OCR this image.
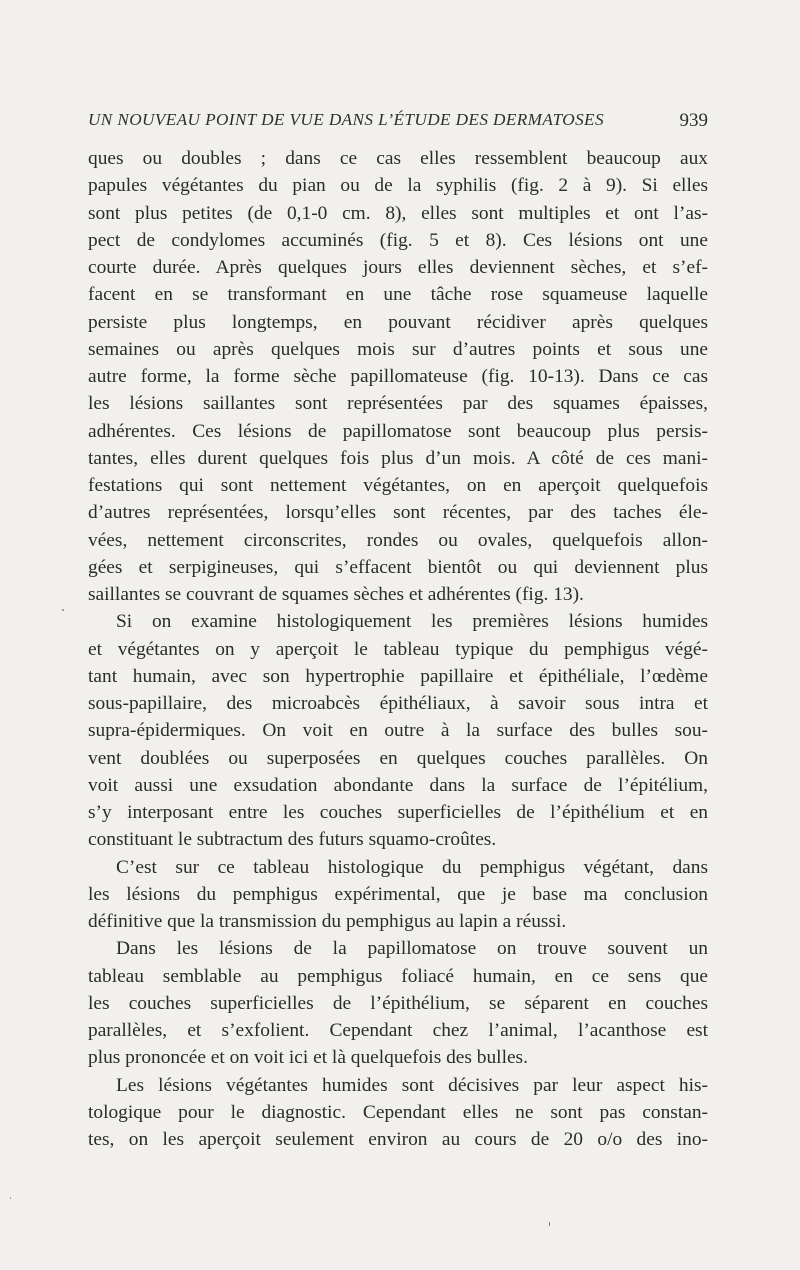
UN NOUVEAU POINT DE VUE DANS L’ÉTUDE DES DERMATOSES	939
ques ou doubles ; dans ce cas elles ressemblent beaucoup aux
papules végétantes du pian ou de la syphilis (fig. 2 à 9). Si elles
sont plus petites (de 0,1-0 cm. 8), elles sont multiples et ont l’as-
pect de condylomes accuminés (fig. 5 et 8). Ces lésions ont une
courte durée. Après quelques jours elles deviennent sèches, et s’ef-
facent en se transformant en une tâche rose squameuse laquelle
persiste plus longtemps, en pouvant récidiver après quelques
semaines ou après quelques mois sur d’autres points et sous une
autre forme, la forme sèche papillomateuse (fig. 10-13). Dans ce cas
les lésions saillantes sont représentées par des squames épaisses,
adhérentes. Ces lésions de papillomatose sont beaucoup plus persis-
tantes, elles durent quelques fois plus d’un mois. A côté de ces mani-
festations qui sont nettement végétantes, on en aperçoit quelquefois
d’autres représentées, lorsqu’elles sont récentes, par des taches éle-
vées, nettement circonscrites, rondes ou ovales, quelquefois allon-
gées et serpigineuses, qui s’effacent bientôt ou qui deviennent plus
saillantes se couvrant de squames sèches et adhérentes (fig. 13).
Si on examine histologiquement les premières lésions humides
et végétantes on y aperçoit le tableau typique du pemphigus végé-
tant humain, avec son hypertrophie papillaire et épithéliale, l’œdème
sous-papillaire, des microabcès épithéliaux, à savoir sous intra et
supra-épidermiques. On voit en outre à la surface des bulles sou-
vent doublées ou superposées en quelques couches parallèles. On
voit aussi une exsudation abondante dans la surface de l’épitélium,
s’y interposant entre les couches superficielles de l’épithélium et en
constituant le subtractum des futurs squamo-croûtes.
C’est sur ce tableau histologique du pemphigus végétant, dans
les lésions du pemphigus expérimental, que je base ma conclusion
définitive que la transmission du pemphigus au lapin a réussi.
Dans les lésions de la papillomatose on trouve souvent un
tableau semblable au pemphigus foliacé humain, en ce sens que
les couches superficielles de l’épithélium, se séparent en couches
parallèles, et s’exfolient. Cependant chez l’animal, l’acanthose est
plus prononcée et on voit ici et là quelquefois des bulles.
Les lésions végétantes humides sont décisives par leur aspect his-
tologique pour le diagnostic. Cependant elles ne sont pas constan-
tes, on les aperçoit seulement environ au cours de 20 o/o des ino-
